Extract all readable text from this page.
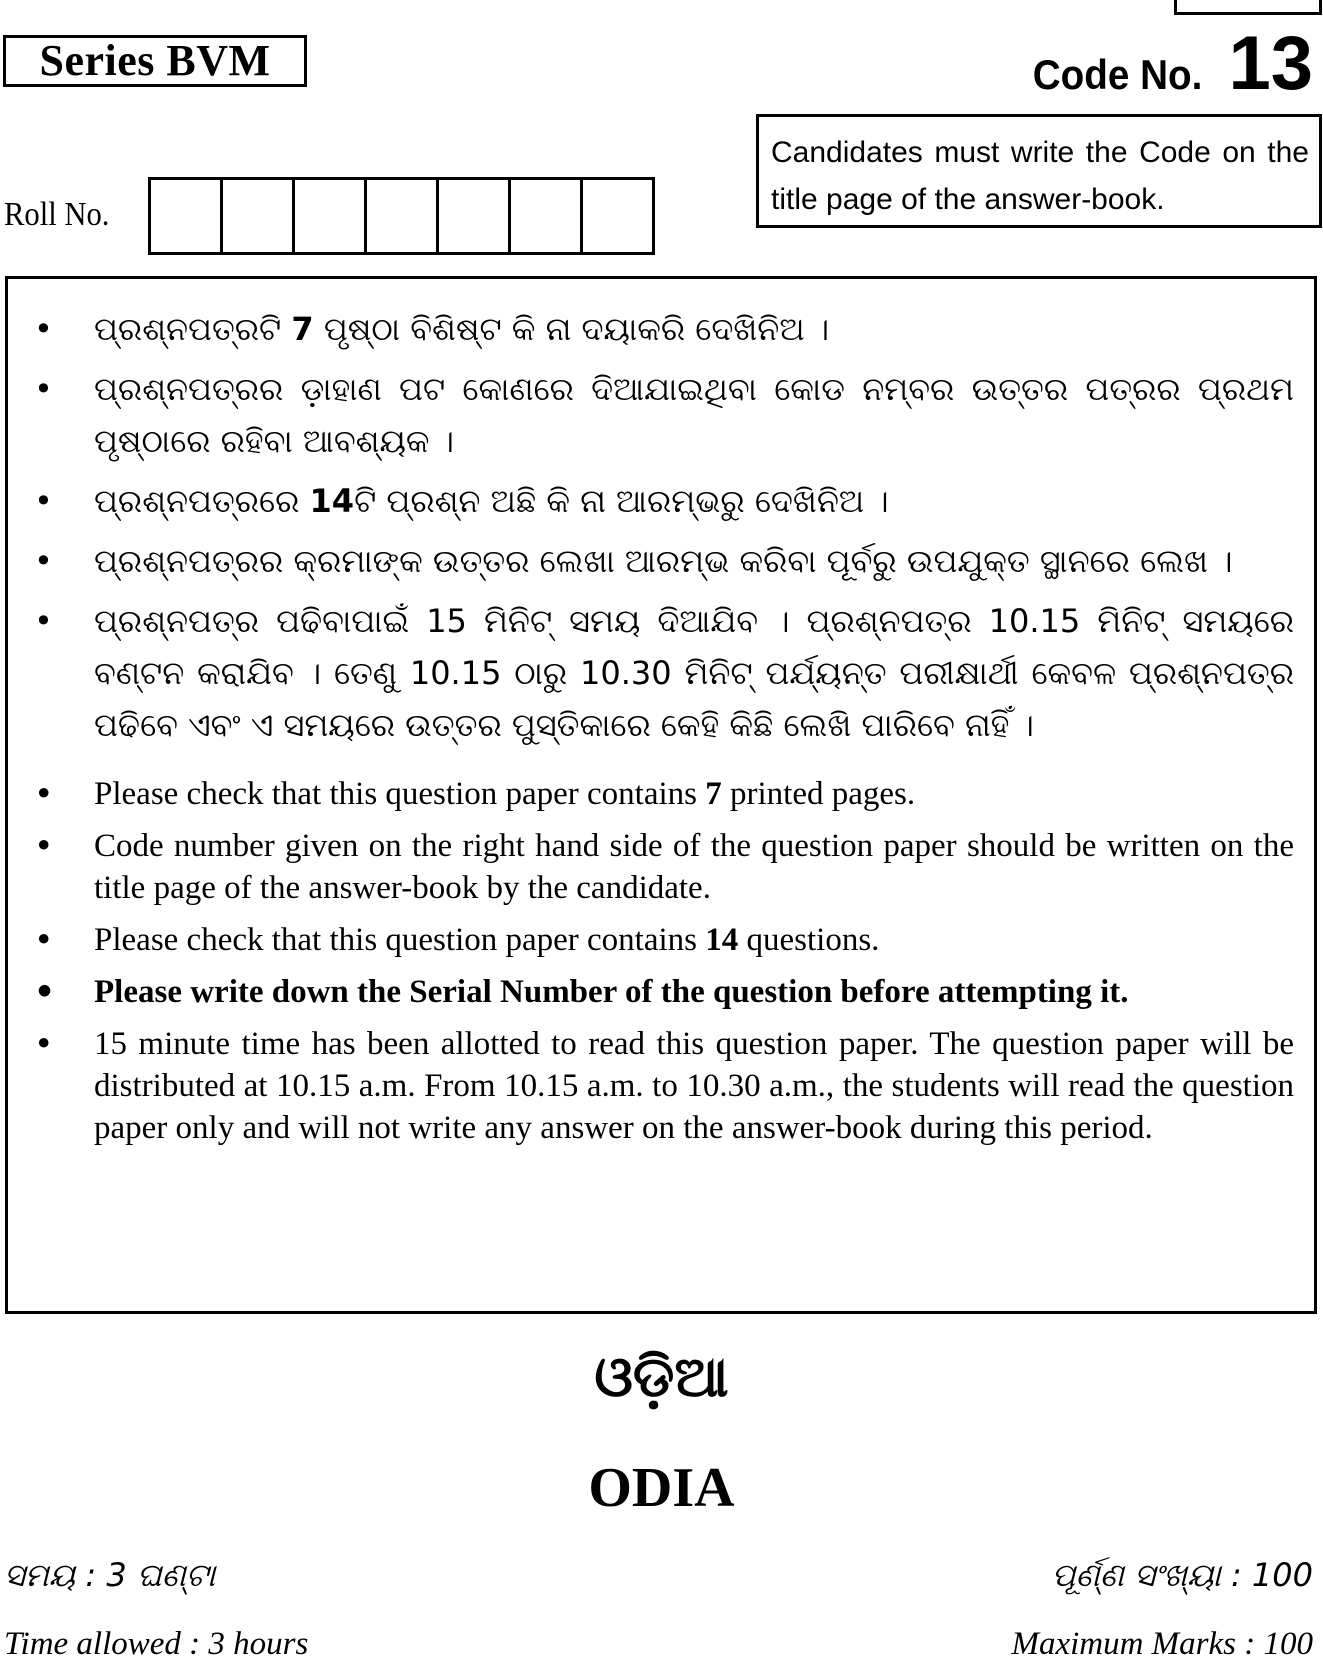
Series BVM	Code No. 13
Candidates must write the Code on the title page of the answer-book.
Roll No.
• ପ୍ରଶ୍ନପତ୍ରଟି 7 ପୃଷ୍ଠା ବିଶିଷ୍ଟ କି ନା ଦୟାକରି ଦେଖିନିଅ ।
• ପ୍ରଶ୍ନପତ୍ରର ଡ଼ାହାଣ ପଟ କୋଣରେ ଦିଆଯାଇଥିବା କୋଡ ନମ୍ବର ଉତ୍ତର ପତ୍ରର ପ୍ରଥମ ପୃଷ୍ଠାରେ ରହିବା ଆବଶ୍ୟକ ।
• ପ୍ରଶ୍ନପତ୍ରରେ 14ଟି ପ୍ରଶ୍ନ ଅଛି କି ନା ଆରମ୍ଭରୁ ଦେଖିନିଅ ।
• ପ୍ରଶ୍ନପତ୍ରର କ୍ରମାଙ୍କ ଉତ୍ତର ଲେଖା ଆରମ୍ଭ କରିବା ପୂର୍ବରୁ ଉପଯୁକ୍ତ ସ୍ଥାନରେ ଲେଖ ।
• ପ୍ରଶ୍ନପତ୍ର ପଢିବାପାଇଁ 15 ମିନିଟ୍ ସମୟ ଦିଆଯିବ । ପ୍ରଶ୍ନପତ୍ର 10.15 ମିନିଟ୍ ସମୟରେ ବଣ୍ଟନ କରାଯିବ । ତେଣୁ 10.15 ଠାରୁ 10.30 ମିନିଟ୍ ପର୍ଯ୍ୟନ୍ତ ପରୀକ୍ଷାର୍ଥୀ କେବଳ ପ୍ରଶ୍ନପତ୍ର ପଢିବେ ଏବଂ ଏ ସମୟରେ ଉତ୍ତର ପୁସ୍ତିକାରେ କେହି କିଛି ଲେଖି ପାରିବେ ନାହିଁ ।
• Please check that this question paper contains 7 printed pages.
• Code number given on the right hand side of the question paper should be written on the title page of the answer-book by the candidate.
• Please check that this question paper contains 14 questions.
• Please write down the Serial Number of the question before attempting it.
• 15 minute time has been allotted to read this question paper. The question paper will be distributed at 10.15 a.m. From 10.15 a.m. to 10.30 a.m., the students will read the question paper only and will not write any answer on the answer-book during this period.
ଓଡ଼ିଆ
ODIA
ସମୟ : 3 ଘଣ୍ଟା	ପୂର୍ଣ୍ଣ ସଂଖ୍ୟା : 100
Time allowed : 3 hours	Maximum Marks : 100
